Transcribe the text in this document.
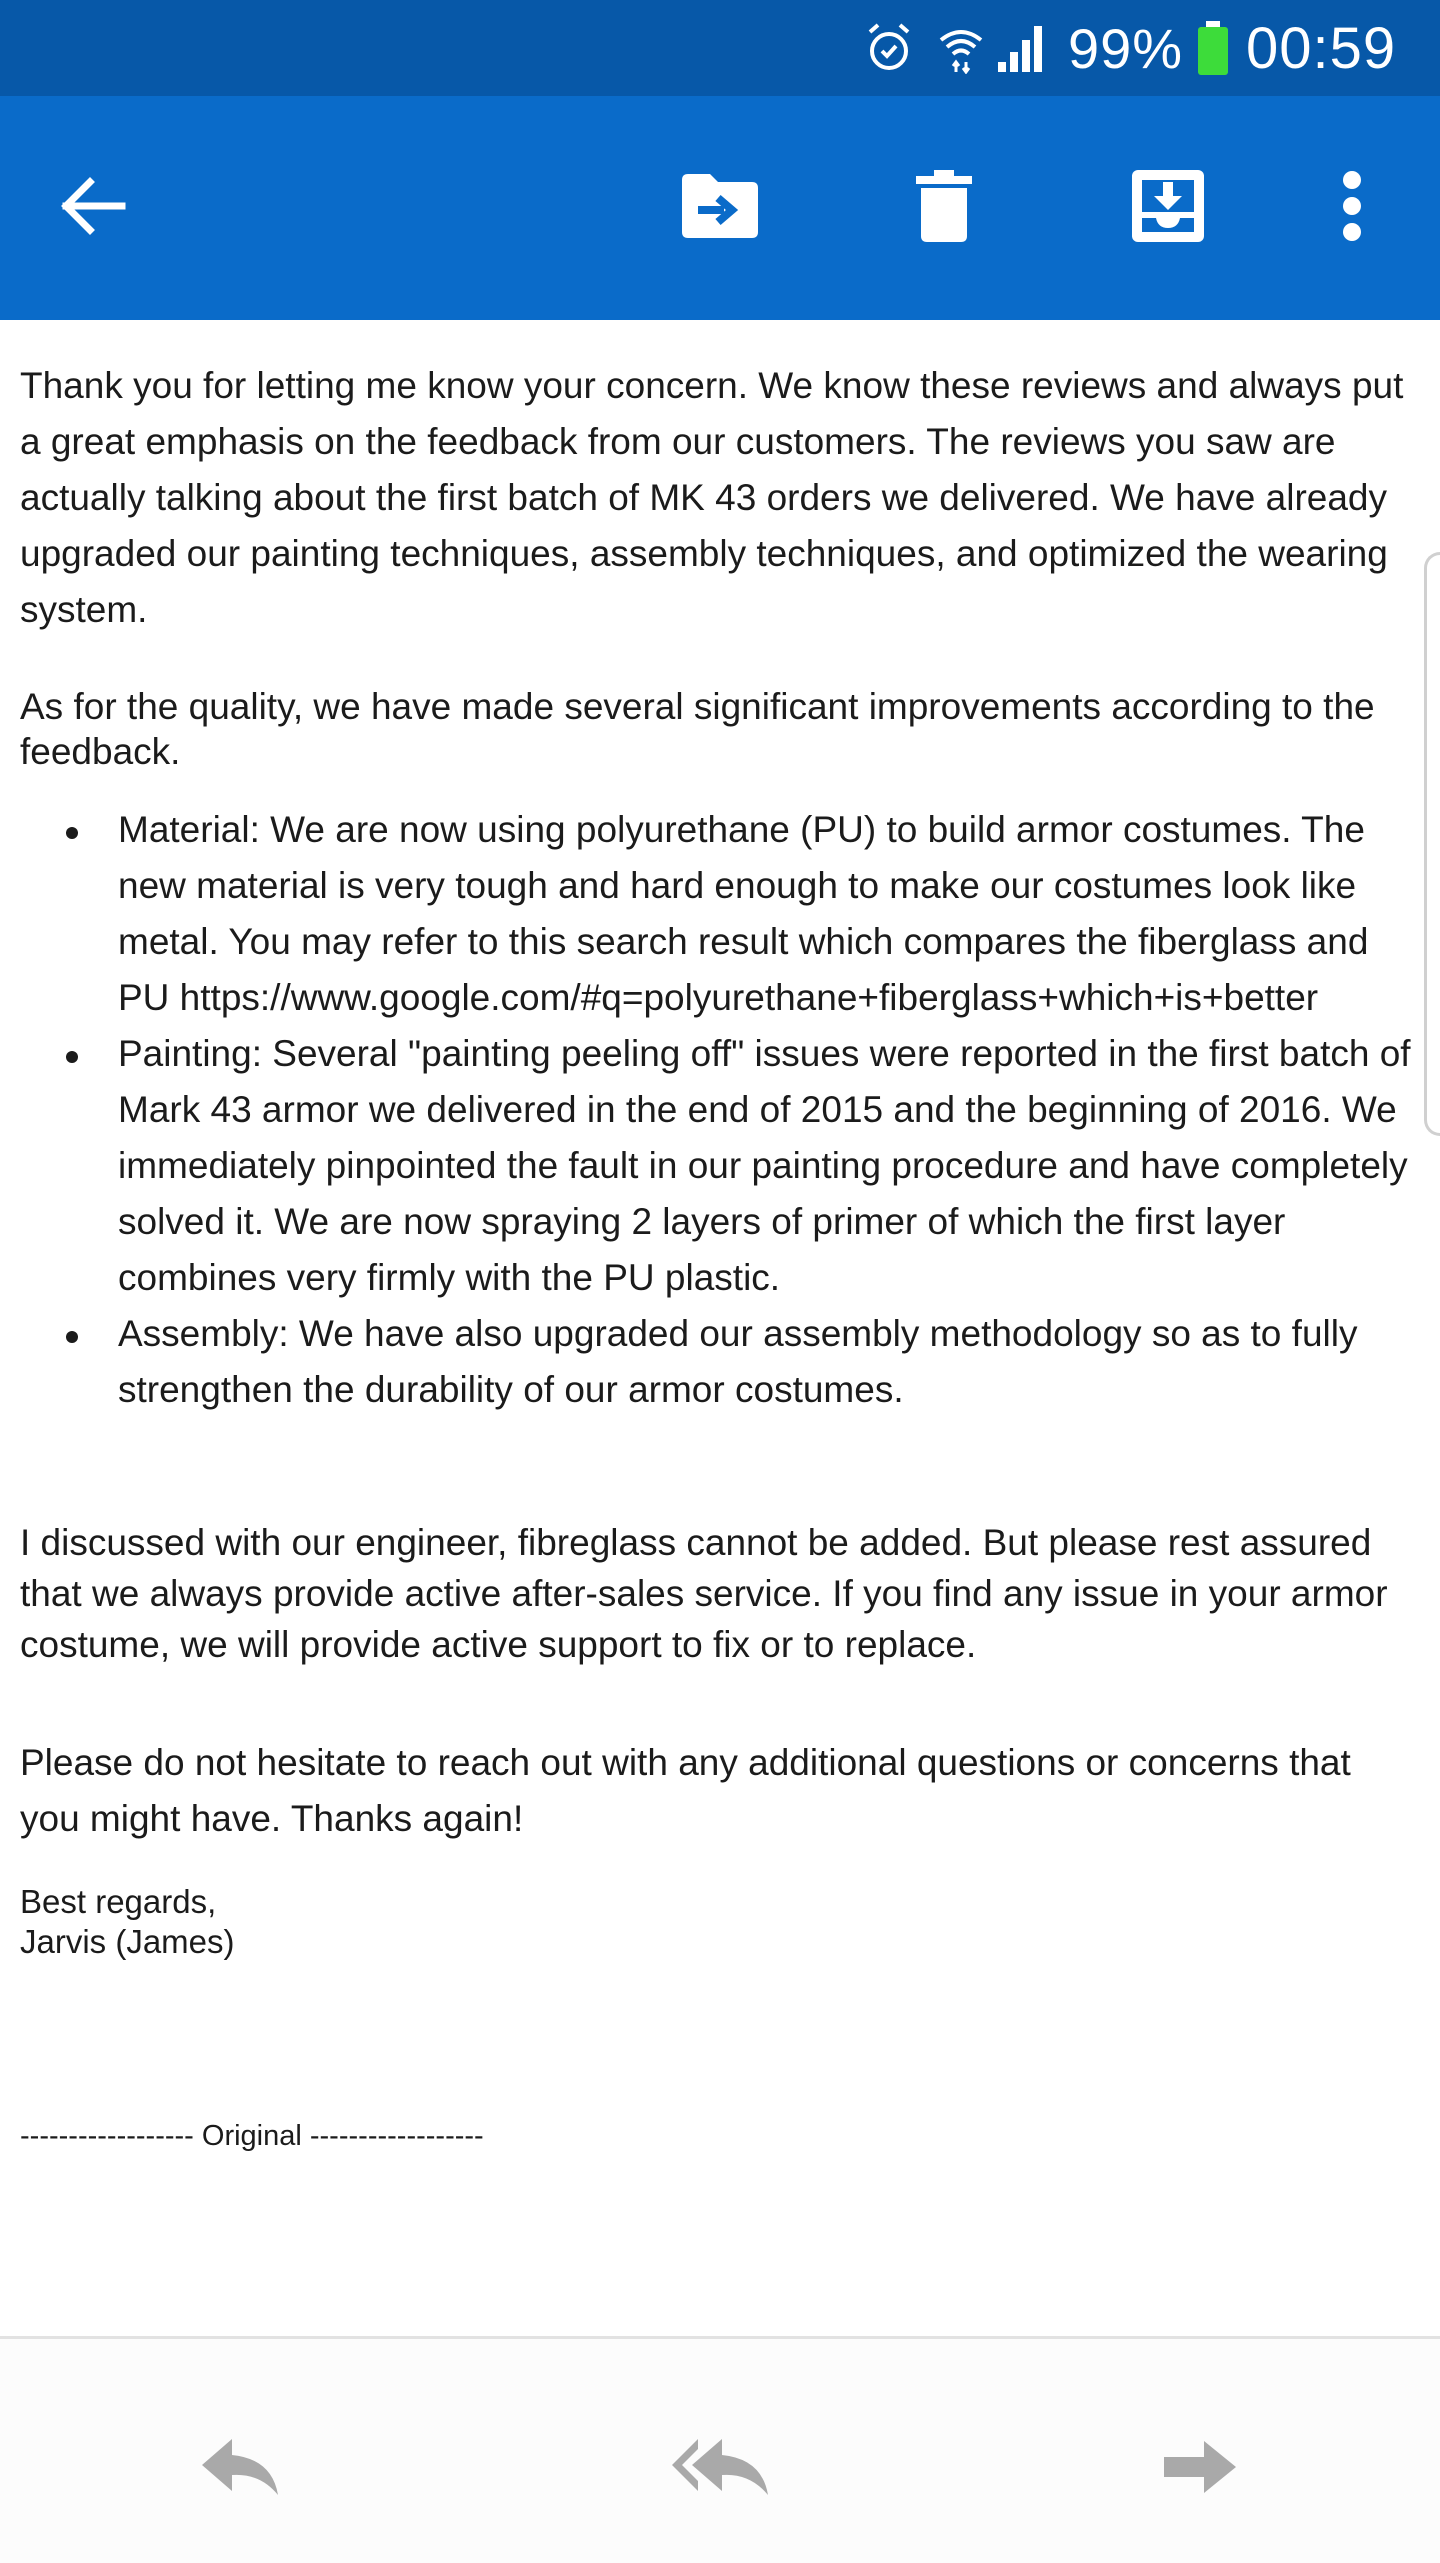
99% 00:59
Thank you for letting me know your concern. We know these reviews and always put a great emphasis on the feedback from our customers. The reviews you saw are actually talking about the first batch of MK 43 orders we delivered. We have already upgraded our painting techniques, assembly techniques, and optimized the wearing system.
As for the quality, we have made several significant improvements according to the feedback.
Material: We are now using polyurethane (PU) to build armor costumes. The new material is very tough and hard enough to make our costumes look like metal. You may refer to this search result which compares the fiberglass and PU https://www.google.com/#q=polyurethane+fiberglass+which+is+better
Painting: Several "painting peeling off" issues were reported in the first batch of Mark 43 armor we delivered in the end of 2015 and the beginning of 2016. We immediately pinpointed the fault in our painting procedure and have completely solved it. We are now spraying 2 layers of primer of which the first layer combines very firmly with the PU plastic.
Assembly: We have also upgraded our assembly methodology so as to fully strengthen the durability of our armor costumes.
I discussed with our engineer, fibreglass cannot be added. But please rest assured that we always provide active after-sales service. If you find any issue in your armor costume, we will provide active support to fix or to replace.
Please do not hesitate to reach out with any additional questions or concerns that you might have. Thanks again!
Best regards,
Jarvis (James)
------------------ Original ------------------
